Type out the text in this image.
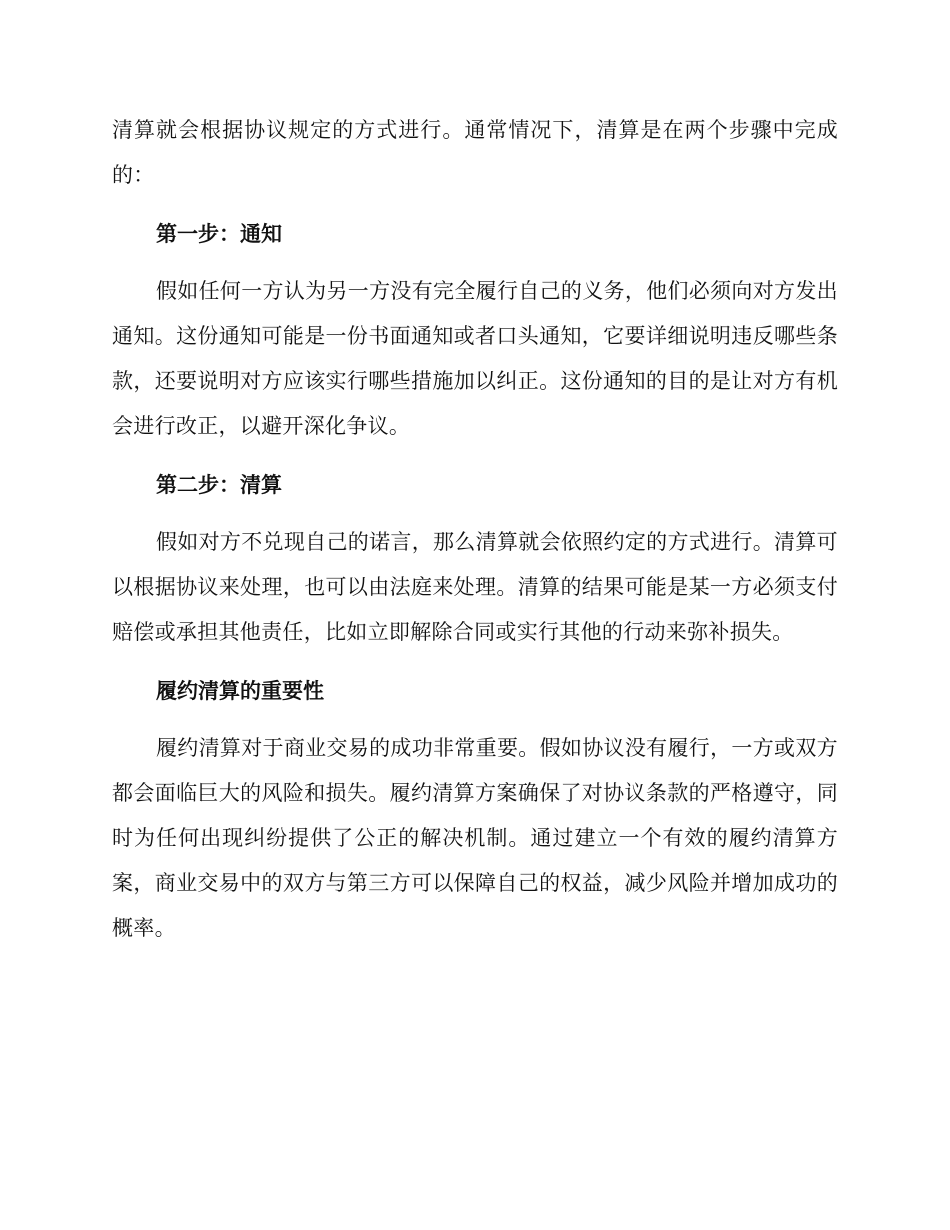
清算就会根据协议规定的方式进行。通常情况下，清算是在两个步骤中完成的：

第一步：通知

假如任何一方认为另一方没有完全履行自己的义务，他们必须向对方发出通知。这份通知可能是一份书面通知或者口头通知，它要详细说明违反哪些条款，还要说明对方应该实行哪些措施加以纠正。这份通知的目的是让对方有机会进行改正，以避开深化争议。

第二步：清算

假如对方不兑现自己的诺言，那么清算就会依照约定的方式进行。清算可以根据协议来处理，也可以由法庭来处理。清算的结果可能是某一方必须支付赔偿或承担其他责任，比如立即解除合同或实行其他的行动来弥补损失。

履约清算的重要性

履约清算对于商业交易的成功非常重要。假如协议没有履行，一方或双方都会面临巨大的风险和损失。履约清算方案确保了对协议条款的严格遵守，同时为任何出现纠纷提供了公正的解决机制。通过建立一个有效的履约清算方案，商业交易中的双方与第三方可以保障自己的权益，减少风险并增加成功的概率。
